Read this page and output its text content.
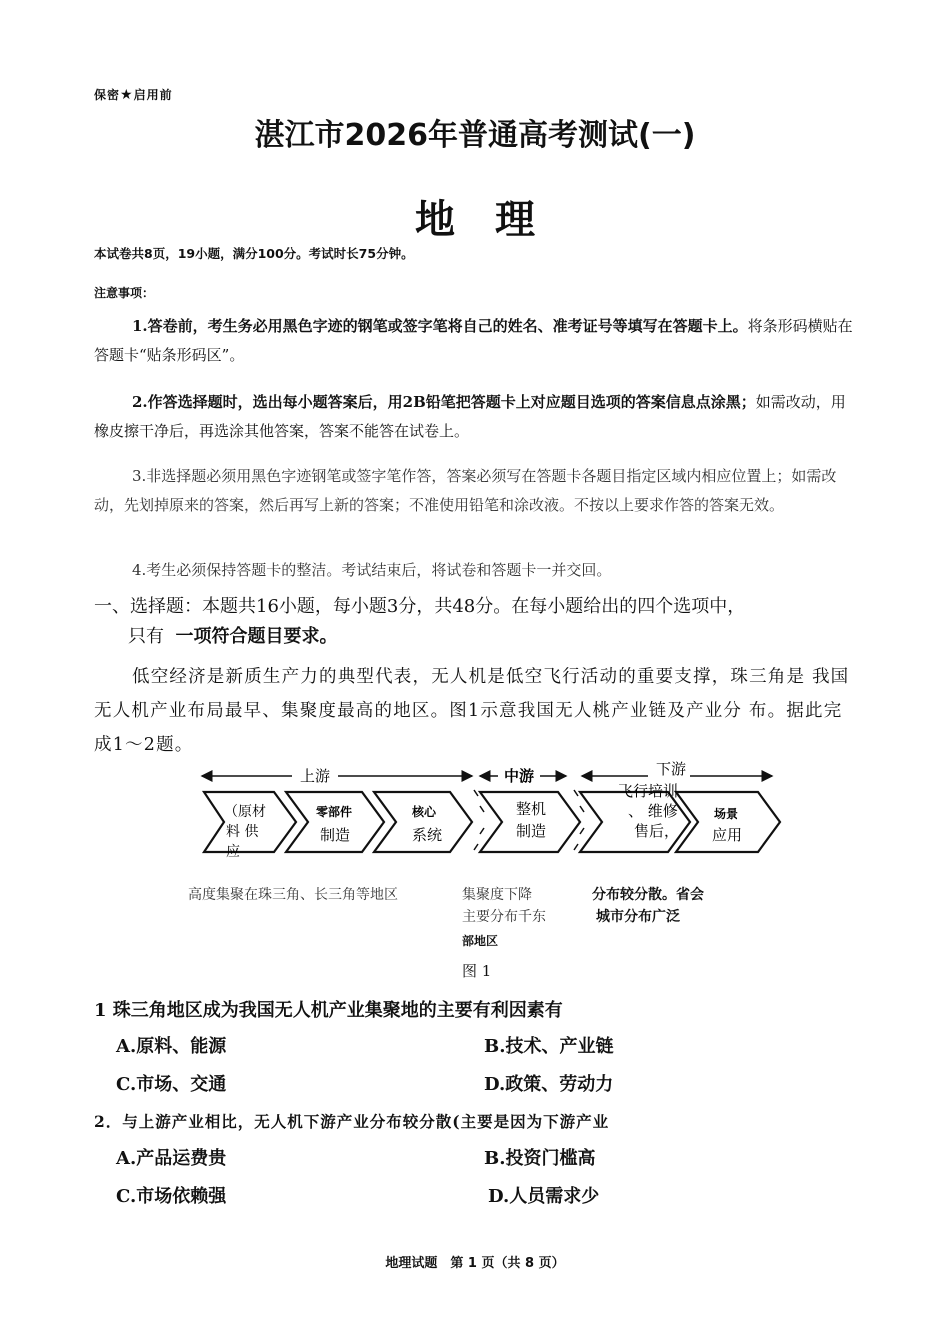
保密★启用前
湛江市2026年普通高考测试(一)
地理
本试卷共8页，19小题，满分100分。考试时长75分钟。
注意事项：
1.答卷前，考生务必用黑色字迹的钢笔或签字笔将自己的姓名、准考证号等填写在答题卡上。将条形码横贴在答题卡“贴条形码区”。
2.作答选择题时，选出每小题答案后，用2B铅笔把答题卡上对应题目选项的答案信息点涂黑；如需改动，用橡皮擦干净后，再选涂其他答案，答案不能答在试卷上。
3.非选择题必须用黑色字迹钢笔或签字笔作答，答案必须写在答题卡各题目指定区域内相应位置上；如需改动，先划掉原来的答案，然后再写上新的答案；不准使用铅笔和涂改液。不按以上要求作答的答案无效。
4.考生必须保持答题卡的整洁。考试结束后，将试卷和答题卡一并交回。
一、选择题：本题共16小题，每小题3分，共48分。在每小题给出的四个选项中，
只有 一项符合题目要求。
低空经济是新质生产力的典型代表，无人机是低空飞行活动的重要支撑，珠三角是 我国无人机产业布局最早、集聚度最高的地区。图1示意我国无人桃产业链及产业分 布。据此完成1～2题。
上游	中游	下游
（原材
料 供
应
零部件
制造
核心
系统
整机
制造
飞行培训
、 维修
售后，
场景
应用
高度集聚在珠三角、长三角等地区	集聚度下降
主要分布千东
部地区
分布较分散。省会
城市分布广泛
图 1
1 珠三角地区成为我国无人机产业集聚地的主要有利因素有
A.原料、能源	B.技术、产业链
C.市场、交通	D.政策、劳动力
2．与上游产业相比，无人机下游产业分布较分散(主要是因为下游产业
A.产品运费贵	B.投资门槛高
C.市场依赖强	D.人员需求少
地理试题　第 1 页（共 8 页）
